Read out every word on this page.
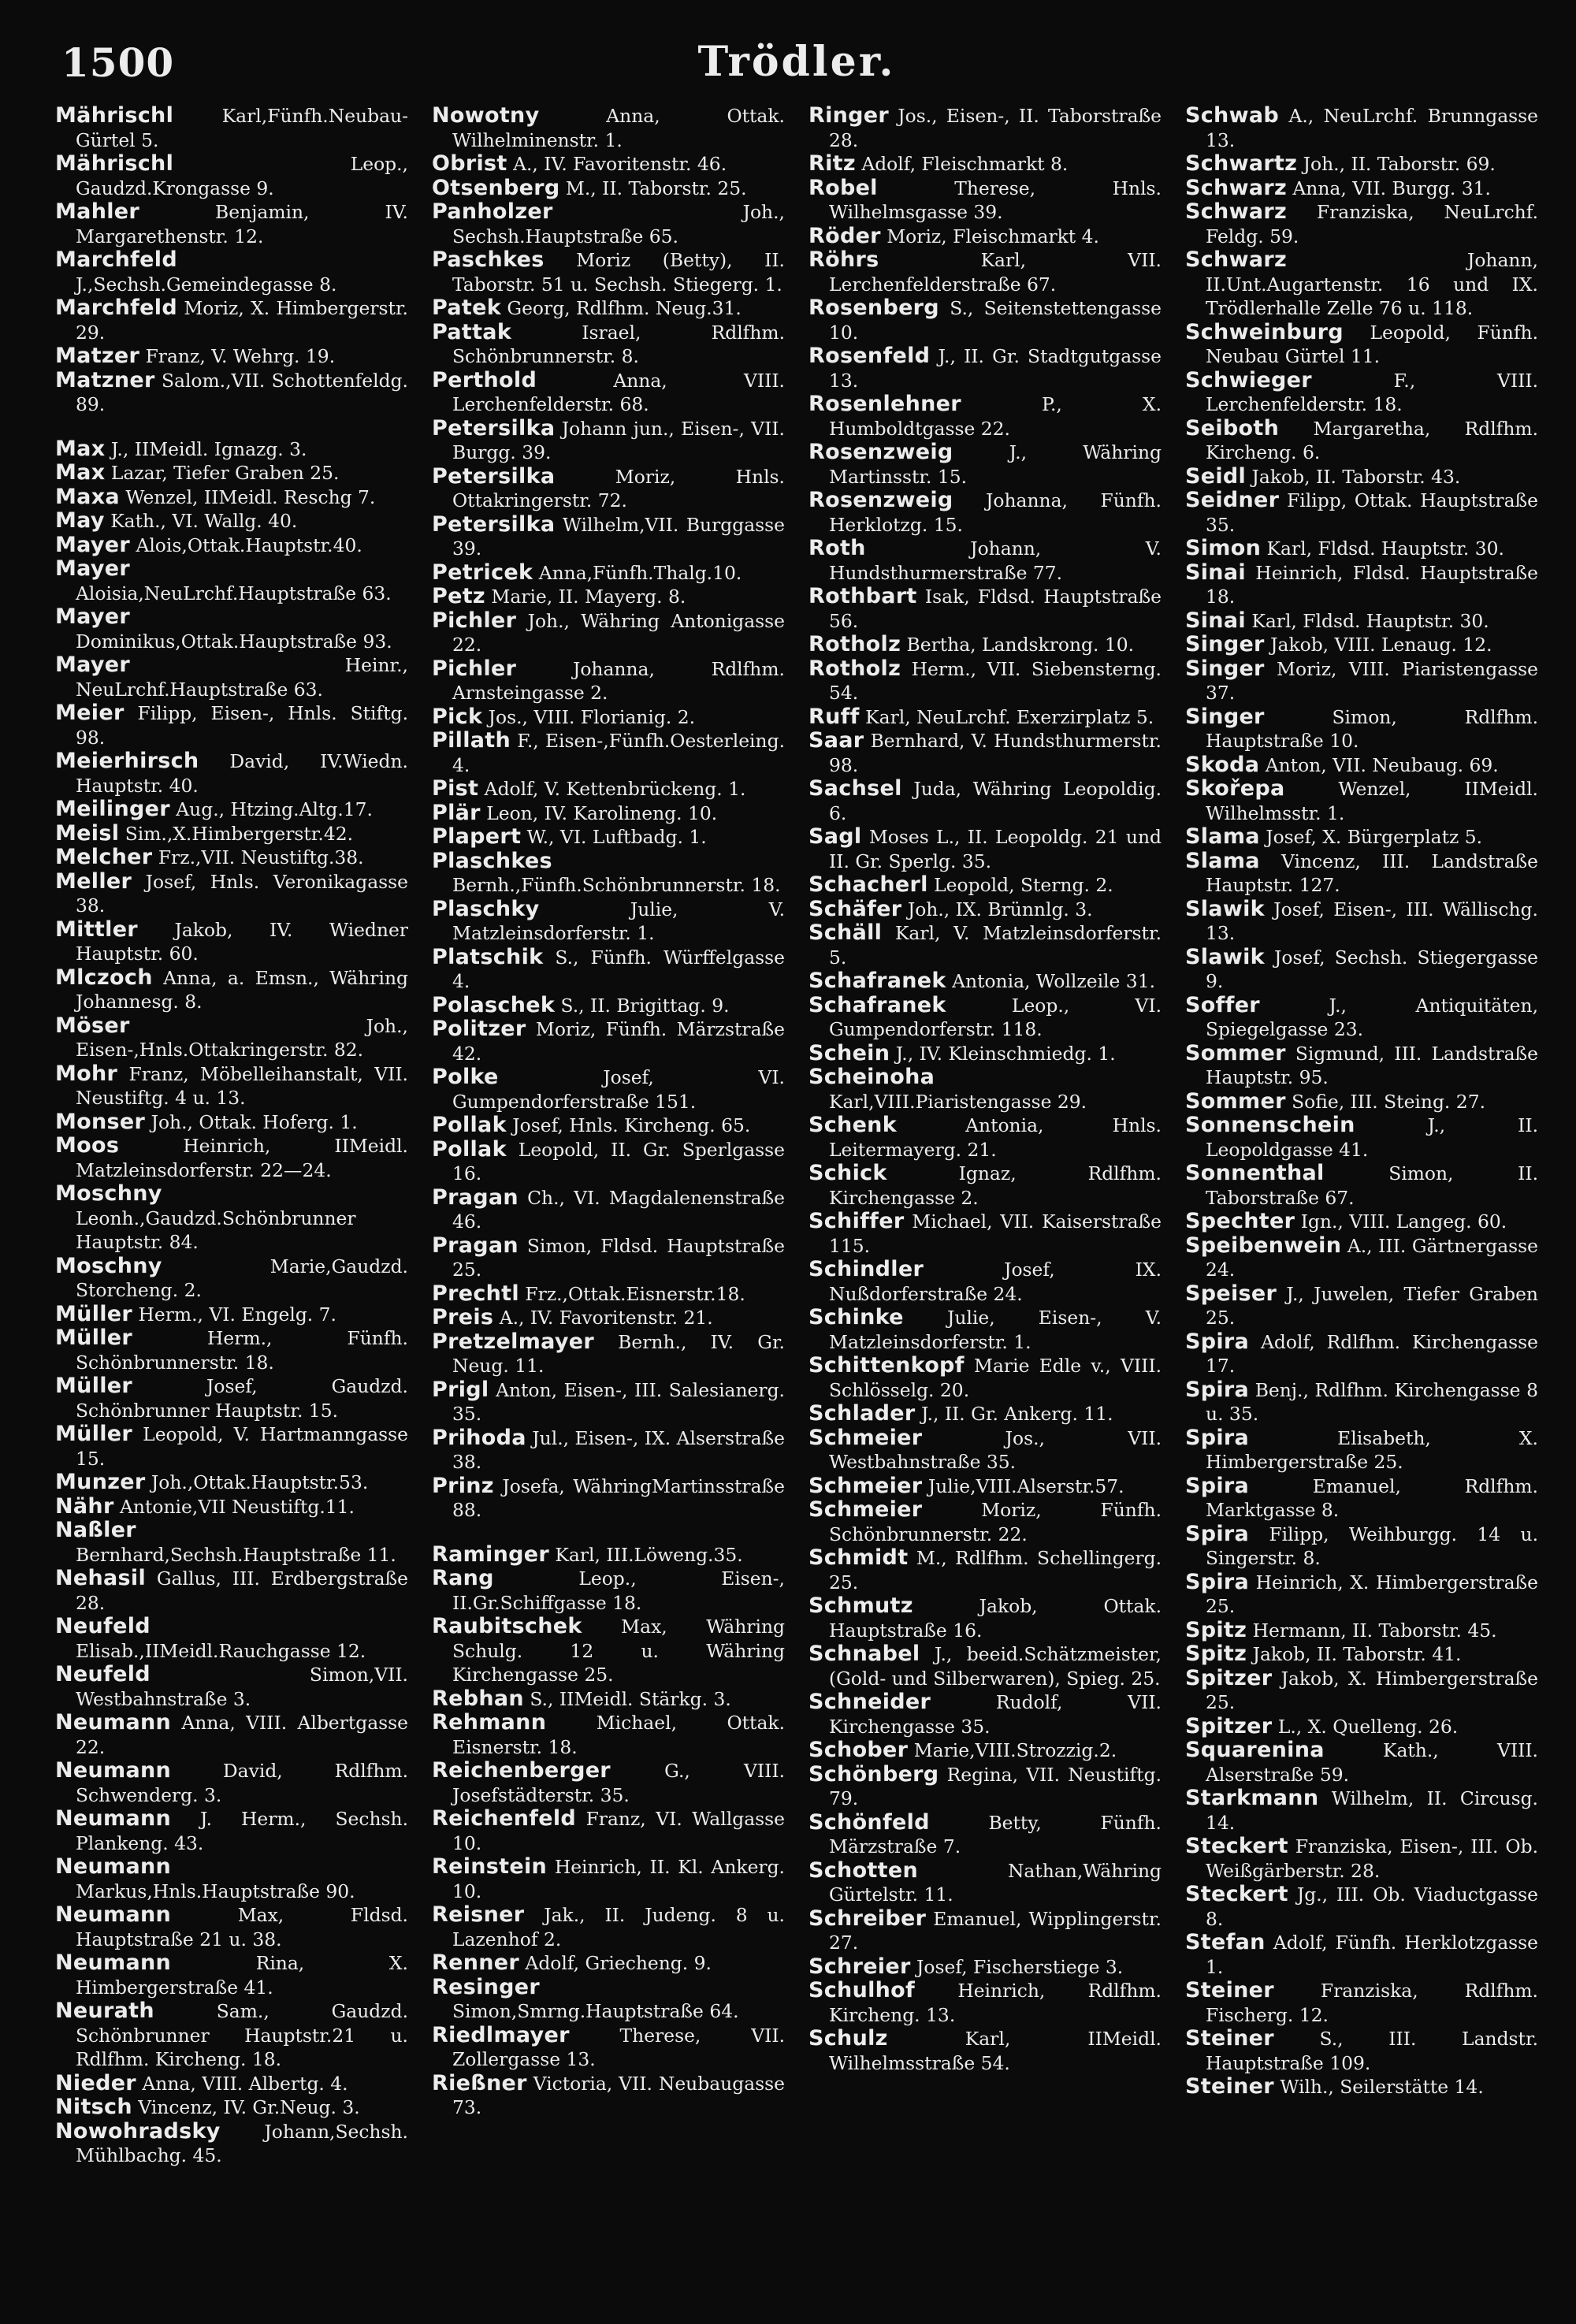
1500	Trödler.

Mährischl	Karl,Fünfh.Neubau-Gürtel 5.

Mährischl	Leop., Gaudzd.Krongasse 9.

Mahler	Benjamin, IV. Margarethenstr. 12.

Marchfeld J.,Sechsh.Gemeindegasse 8.

Marchfeld Moriz, X. Himbergerstr. 29.

Matzer Franz, V. Wehrg. 19.

Matzner Salom.,VII. Schottenfeldg. 89.

Max J., IIMeidl. Ignazg. 3.

Max Lazar, Tiefer Graben 25.

Maxa Wenzel, IIMeidl. Reschg 7.

May Kath., VI. Wallg. 40.

Mayer Alois,Ottak.Hauptstr.40.

Mayer Aloisia,NeuLrchf.Hauptstraße 63.

Mayer Dominikus,Ottak.Hauptstraße 93.

Mayer	Heinr., NeuLrchf.Hauptstraße 63.

Meier Filipp, Eisen-, Hnls. Stiftg. 98.

Meierhirsch David, IV.Wiedn. Hauptstr. 40.

Meilinger Aug., Htzing.Altg.17.

Meisl Sim.,X.Himbergerstr.42.

Melcher Frz.,VII. Neustiftg.38.

Meller Josef, Hnls. Veronikagasse 38.

Mittler Jakob, IV. Wiedner Hauptstr. 60.

Mlczoch Anna, a. Emsn., Währing Johannesg. 8.

Möser	Joh., Eisen-,Hnls.Ottakringerstr. 82.

Mohr Franz, Möbelleihanstalt, VII. Neustiftg. 4 u. 13.

Monser Joh., Ottak. Hoferg. 1.

Moos	Heinrich, IIMeidl. Matzleinsdorferstr. 22—24.

Moschny Leonh.,Gaudzd.Schönbrunner Hauptstr. 84.

Moschny	Marie,Gaudzd. Storcheng. 2.

Müller Herm., VI. Engelg. 7.

Müller	Herm., Fünfh. Schönbrunnerstr. 18.

Müller	Josef, Gaudzd. Schönbrunner Hauptstr. 15.

Müller Leopold, V. Hartmanngasse 15.

Munzer Joh.,Ottak.Hauptstr.53.

Nähr Antonie,VII Neustiftg.11.

Naßler Bernhard,Sechsh.Hauptstraße 11.

Nehasil Gallus, III. Erdbergstraße 28.

Neufeld Elisab.,IIMeidl.Rauchgasse 12.

Neufeld	Simon,VII. Westbahnstraße 3.

Neumann Anna, VIII. Albertgasse 22.

Neumann	David, Rdlfhm. Schwenderg. 3.

Neumann J. Herm., Sechsh. Plankeng. 43.

Neumann Markus,Hnls.Hauptstraße 90.

Neumann	Max, Fldsd. Hauptstraße 21 u. 38.

Neumann	Rina, X. Himbergerstraße 41.

Neurath	Sam., Gaudzd. Schönbrunner Hauptstr.21 u. Rdlfhm. Kircheng. 18.

Nieder Anna, VIII. Albertg. 4.

Nitsch Vincenz, IV. Gr.Neug. 3.

Nowohradsky Johann,Sechsh. Mühlbachg. 45.

Nowotny	Anna, Ottak. Wilhelminenstr. 1.

Obrist A., IV. Favoritenstr. 46.

Otsenberg M., II. Taborstr. 25.

Panholzer	Joh., Sechsh.Hauptstraße 65.

Paschkes Moriz (Betty), II. Taborstr. 51 u. Sechsh. Stiegerg. 1.

Patek Georg, Rdlfhm. Neug.31.

Pattak	Israel, Rdlfhm. Schönbrunnerstr. 8.

Perthold	Anna, VIII. Lerchenfelderstr. 68.

Petersilka Johann jun., Eisen-, VII. Burgg. 39.

Petersilka	Moriz, Hnls. Ottakringerstr. 72.

Petersilka Wilhelm,VII. Burggasse 39.

Petricek Anna,Fünfh.Thalg.10.

Petz Marie, II. Mayerg. 8.

Pichler Joh., Währing Antonigasse 22.

Pichler	Johanna, Rdlfhm. Arnsteingasse 2.

Pick Jos., VIII. Florianig. 2.

Pillath F., Eisen-,Fünfh.Oesterleing. 4.

Pist Adolf, V. Kettenbrückeng. 1.

Plär Leon, IV. Karolineng. 10.

Plapert W., VI. Luftbadg. 1.

Plaschkes Bernh.,Fünfh.Schönbrunnerstr. 18.

Plaschky	Julie, V. Matzleinsdorferstr. 1.

Platschik S., Fünfh. Würffelgasse 4.

Polaschek S., II. Brigittag. 9.

Politzer Moriz, Fünfh. Märzstraße 42.

Polke	Josef, VI. Gumpendorferstraße 151.

Pollak Josef, Hnls. Kircheng. 65.

Pollak Leopold, II. Gr. Sperlgasse 16.

Pragan Ch., VI. Magdalenenstraße 46.

Pragan Simon, Fldsd. Hauptstraße 25.

Prechtl Frz.,Ottak.Eisnerstr.18.

Preis A., IV. Favoritenstr. 21.

Pretzelmayer Bernh., IV. Gr. Neug. 11.

Prigl Anton, Eisen-, III. Salesianerg. 35.

Prihoda Jul., Eisen-, IX. Alserstraße 38.

Prinz Josefa, WähringMartinsstraße 88.

Raminger Karl, III.Löweng.35.

Rang	Leop., Eisen-, II.Gr.Schiffgasse 18.

Raubitschek Max, Währing Schulg. 12 u. Währing Kirchengasse 25.

Rebhan S., IIMeidl. Stärkg. 3.

Rehmann	Michael, Ottak. Eisnerstr. 18.

Reichenberger	G., VIII. Josefstädterstr. 35.

Reichenfeld Franz, VI. Wallgasse 10.

Reinstein Heinrich, II. Kl. Ankerg. 10.

Reisner Jak., II. Judeng. 8 u. Lazenhof 2.

Renner Adolf, Griecheng. 9.

Resinger Simon,Smrng.Hauptstraße 64.

Riedlmayer	Therese, VII. Zollergasse 13.

Rießner Victoria, VII. Neubaugasse 73.

Ringer Jos., Eisen-, II. Taborstraße 28.

Ritz Adolf, Fleischmarkt 8.

Robel	Therese, Hnls. Wilhelmsgasse 39.

Röder Moriz, Fleischmarkt 4.

Röhrs	Karl, VII. Lerchenfelderstraße 67.

Rosenberg S., Seitenstettengasse 10.

Rosenfeld J., II. Gr. Stadtgutgasse 13.

Rosenlehner	P., X. Humboldtgasse 22.

Rosenzweig	J., Währing Martinsstr. 15.

Rosenzweig Johanna, Fünfh. Herklotzg. 15.

Roth	Johann, V. Hundsthurmerstraße 77.

Rothbart Isak, Fldsd. Hauptstraße 56.

Rotholz Bertha, Landskrong. 10.

Rotholz Herm., VII. Siebensterng. 54.

Ruff Karl, NeuLrchf. Exerzirplatz 5.

Saar Bernhard, V. Hundsthurmerstr. 98.

Sachsel Juda, Währing Leopoldig. 6.

Sagl Moses L., II. Leopoldg. 21 und II. Gr. Sperlg. 35.

Schacherl Leopold, Sterng. 2.

Schäfer Joh., IX. Brünnlg. 3.

Schäll Karl, V. Matzleinsdorferstr. 5.

Schafranek Antonia, Wollzeile 31.

Schafranek	Leop., VI. Gumpendorferstr. 118.

Schein J., IV. Kleinschmiedg. 1.

Scheinoha Karl,VIII.Piaristengasse 29.

Schenk	Antonia, Hnls. Leitermayerg. 21.

Schick	Ignaz, Rdlfhm. Kirchengasse 2.

Schiffer Michael, VII. Kaiserstraße 115.

Schindler	Josef, IX. Nußdorferstraße 24.

Schinke Julie, Eisen-, V. Matzleinsdorferstr. 1.

Schittenkopf Marie Edle v., VIII. Schlösselg. 20.

Schlader J., II. Gr. Ankerg. 11.

Schmeier	Jos., VII. Westbahnstraße 35.

Schmeier Julie,VIII.Alserstr.57.

Schmeier	Moriz, Fünfh. Schönbrunnerstr. 22.

Schmidt M., Rdlfhm. Schellingerg. 25.

Schmutz	Jakob, Ottak. Hauptstraße 16.

Schnabel J., beeid.Schätzmeister, (Gold- und Silberwaren), Spieg. 25.

Schneider	Rudolf, VII. Kirchengasse 35.

Schober Marie,VIII.Strozzig.2.

Schönberg Regina, VII. Neustiftg. 79.

Schönfeld	Betty, Fünfh. Märzstraße 7.

Schotten	Nathan,Währing Gürtelstr. 11.

Schreiber Emanuel, Wipplingerstr. 27.

Schreier Josef, Fischerstiege 3.

Schulhof Heinrich, Rdlfhm. Kircheng. 13.

Schulz	Karl, IIMeidl. Wilhelmsstraße 54.

Schwab A., NeuLrchf. Brunngasse 13.

Schwartz Joh., II. Taborstr. 69.

Schwarz Anna, VII. Burgg. 31.

Schwarz Franziska, NeuLrchf. Feldg. 59.

Schwarz	Johann, II.Unt.Augartenstr. 16 und IX. Trödlerhalle Zelle 76 u. 118.

Schweinburg Leopold, Fünfh. Neubau Gürtel 11.

Schwieger	F., VIII. Lerchenfelderstr. 18.

Seiboth Margaretha, Rdlfhm. Kircheng. 6.

Seidl Jakob, II. Taborstr. 43.

Seidner Filipp, Ottak. Hauptstraße 35.

Simon Karl, Fldsd. Hauptstr. 30.

Sinai Heinrich, Fldsd. Hauptstraße 18.

Sinai Karl, Fldsd. Hauptstr. 30.

Singer Jakob, VIII. Lenaug. 12.

Singer Moriz, VIII. Piaristengasse 37.

Singer	Simon, Rdlfhm. Hauptstraße 10.

Skoda Anton, VII. Neubaug. 69.

Skořepa	Wenzel, IIMeidl. Wilhelmsstr. 1.

Slama Josef, X. Bürgerplatz 5.

Slama Vincenz, III. Landstraße Hauptstr. 127.

Slawik Josef, Eisen-, III. Wällischg. 13.

Slawik Josef, Sechsh. Stiegergasse 9.

Soffer	J., Antiquitäten, Spiegelgasse 23.

Sommer Sigmund, III. Landstraße Hauptstr. 95.

Sommer Sofie, III. Steing. 27.

Sonnenschein	J., II. Leopoldgasse 41.

Sonnenthal	Simon, II. Taborstraße 67.

Spechter Ign., VIII. Langeg. 60.

Speibenwein A., III. Gärtnergasse 24.

Speiser J., Juwelen, Tiefer Graben 25.

Spira Adolf, Rdlfhm. Kirchengasse 17.

Spira Benj., Rdlfhm. Kirchengasse 8 u. 35.

Spira	Elisabeth, X. Himbergerstraße 25.

Spira	Emanuel, Rdlfhm. Marktgasse 8.

Spira Filipp, Weihburgg. 14 u. Singerstr. 8.

Spira Heinrich, X. Himbergerstraße 25.

Spitz Hermann, II. Taborstr. 45.

Spitz Jakob, II. Taborstr. 41.

Spitzer Jakob, X. Himbergerstraße 25.

Spitzer L., X. Quelleng. 26.

Squarenina	Kath., VIII. Alserstraße 59.

Starkmann Wilhelm, II. Circusg. 14.

Steckert Franziska, Eisen-, III. Ob. Weißgärberstr. 28.

Steckert Jg., III. Ob. Viaductgasse 8.

Stefan Adolf, Fünfh. Herklotzgasse 1.

Steiner	Franziska, Rdlfhm. Fischerg. 12.

Steiner S., III. Landstr. Hauptstraße 109.

Steiner Wilh., Seilerstätte 14.
